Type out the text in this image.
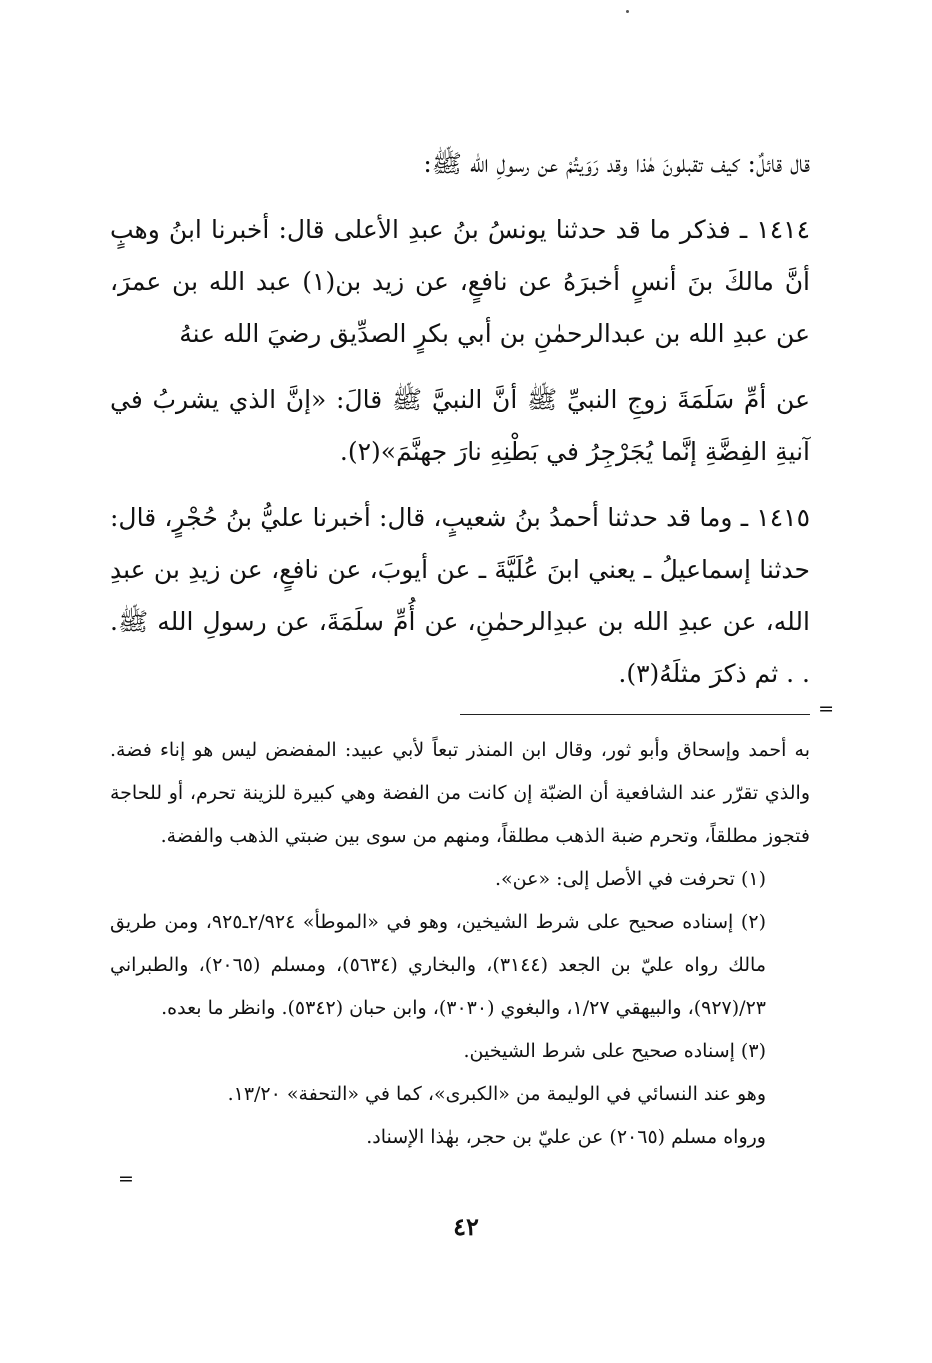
قال قائلٌ: كيف تقبلونَ هٰذا وقد رَوَيتُمْ عن رسولِ الله ﷺ:

١٤١٤ ـ فذكر ما قد حدثنا يونسُ بنُ عبدِ الأعلى قال: أخبرنا ابنُ وهبٍ أنَّ مالكَ بنَ أنسٍ أخبرَهُ عن نافعٍ، عن زيد بن(١) عبد الله بن عمرَ، عن عبدِ الله بن عبدالرحمٰنِ بن أبي بكرٍ الصدِّيق رضيَ الله عنهُ

عن أمِّ سَلَمَةَ زوجِ النبيِّ ﷺ أنَّ النبيَّ ﷺ قالَ: «إنَّ الذي يشربُ في آنيةِ الفِضَّةِ إنَّما يُجَرْجِرُ في بَطْنِهِ نارَ جهنَّمَ»(٢).

١٤١٥ ـ وما قد حدثنا أحمدُ بنُ شعيبٍ، قال: أخبرنا عليُّ بنُ حُجْرٍ، قال: حدثنا إسماعيلُ ـ يعني ابنَ عُلَيَّةَ ـ عن أيوبَ، عن نافعٍ، عن زيدِ بن عبدِ الله، عن عبدِ الله بن عبدِالرحمٰنِ، عن أُمِّ سلَمَةَ، عن رسولِ الله ﷺ. . . ثم ذكرَ مثلَهُ(٣).

به أحمد وإسحاق وأبو ثور، وقال ابن المنذر تبعاً لأبي عبيد: المفضض ليس هو إناء فضة. والذي تقرّر عند الشافعية أن الضبّة إن كانت من الفضة وهي كبيرة للزينة تحرم، أو للحاجة فتجوز مطلقاً، وتحرم ضبة الذهب مطلقاً، ومنهم من سوى بين ضبتي الذهب والفضة.

(١) تحرفت في الأصل إلى: «عن».

(٢) إسناده صحيح على شرط الشيخين، وهو في «الموطأ» ٢/٩٢٤ـ٩٢٥، ومن طريق مالك رواه عليّ بن الجعد (٣١٤٤)، والبخاري (٥٦٣٤)، ومسلم (٢٠٦٥)، والطبراني ٢٣/(٩٢٧)، والبيهقي ١/٢٧، والبغوي (٣٠٣٠)، وابن حبان (٥٣٤٢). وانظر ما بعده.

(٣) إسناده صحيح على شرط الشيخين.

وهو عند النسائي في الوليمة من «الكبرى»، كما في «التحفة» ١٣/٢٠.

ورواه مسلم (٢٠٦٥) عن عليّ بن حجر، بهٰذا الإسناد.

=
=
٤٢
